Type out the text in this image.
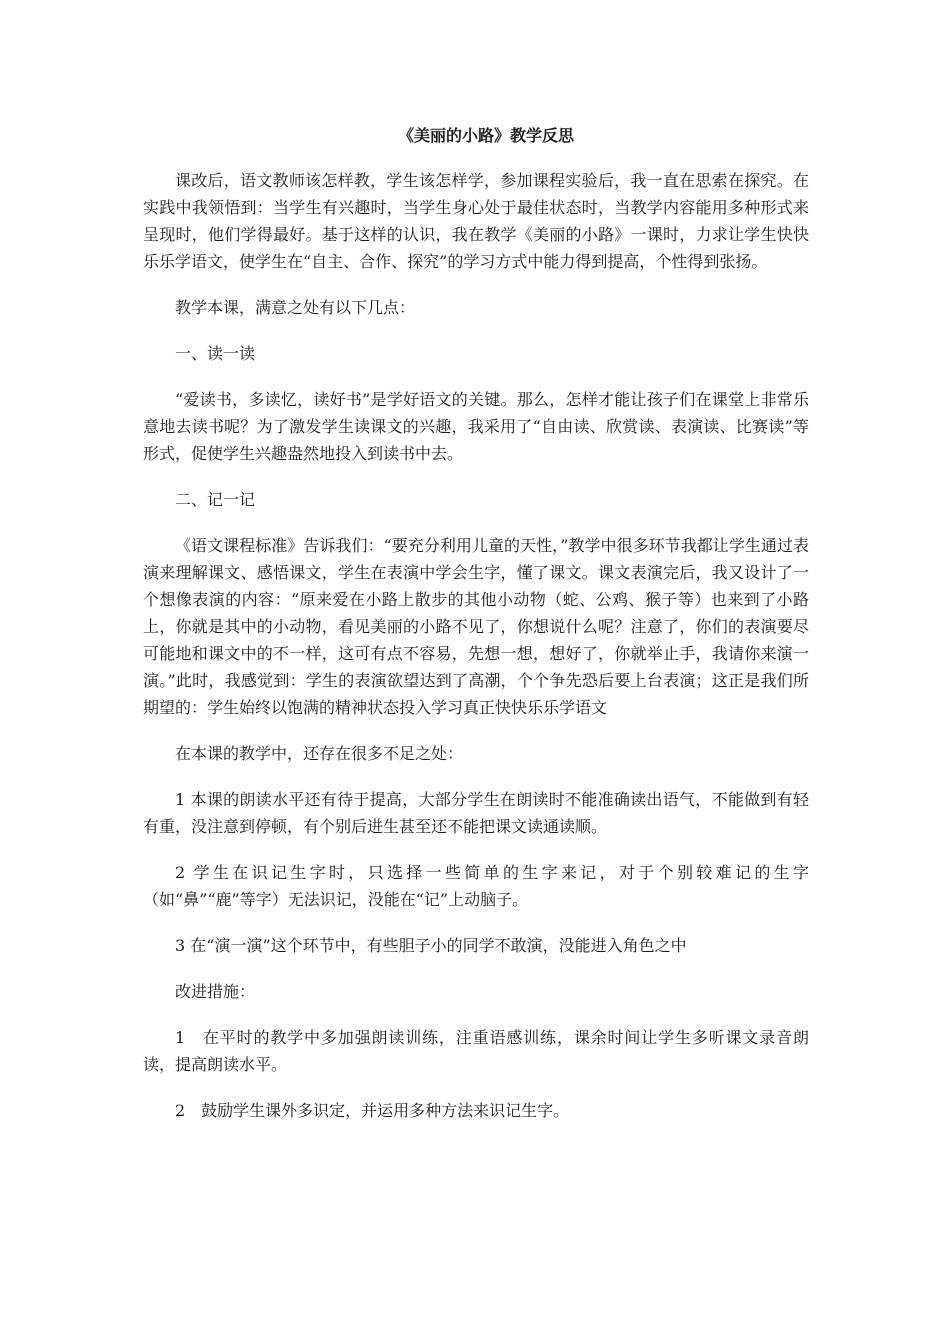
《美丽的小路》教学反思

课改后，语文教师该怎样教，学生该怎样学，参加课程实验后，我一直在思索在探究。在实践中我领悟到：当学生有兴趣时，当学生身心处于最佳状态时，当教学内容能用多种形式来呈现时，他们学得最好。基于这样的认识，我在教学《美丽的小路》一课时，力求让学生快快乐乐学语文，使学生在“自主、合作、探究”的学习方式中能力得到提高，个性得到张扬。

教学本课，满意之处有以下几点：

一、读一读

“爱读书，多读忆，读好书”是学好语文的关键。那么，怎样才能让孩子们在课堂上非常乐意地去读书呢？为了激发学生读课文的兴趣，我采用了“自由读、欣赏读、表演读、比赛读”等形式，促使学生兴趣盎然地投入到读书中去。

二、记一记

《语文课程标准》告诉我们：“要充分利用儿童的天性，”教学中很多环节我都让学生通过表演来理解课文、感悟课文，学生在表演中学会生字，懂了课文。课文表演完后，我又设计了一个想像表演的内容：“原来爱在小路上散步的其他小动物（蛇、公鸡、猴子等）也来到了小路上，你就是其中的小动物，看见美丽的小路不见了，你想说什么呢？注意了，你们的表演要尽可能地和课文中的不一样，这可有点不容易，先想一想，想好了，你就举止手，我请你来演一演。”此时，我感觉到：学生的表演欲望达到了高潮，个个争先恐后要上台表演；这正是我们所期望的：学生始终以饱满的精神状态投入学习真正快快乐乐学语文

在本课的教学中，还存在很多不足之处：

1 本课的朗读水平还有待于提高，大部分学生在朗读时不能准确读出语气，不能做到有轻有重，没注意到停顿，有个别后进生甚至还不能把课文读通读顺。

2 学生在识记生字时，只选择一些简单的生字来记，对于个别较难记的生字（如“鼻”“鹿”等字）无法识记，没能在“记”上动脑子。

3 在“演一演”这个环节中，有些胆子小的同学不敢演，没能进入角色之中

改进措施：

1　在平时的教学中多加强朗读训练，注重语感训练，课余时间让学生多听课文录音朗读，提高朗读水平。

2　鼓励学生课外多识定，并运用多种方法来识记生字。
